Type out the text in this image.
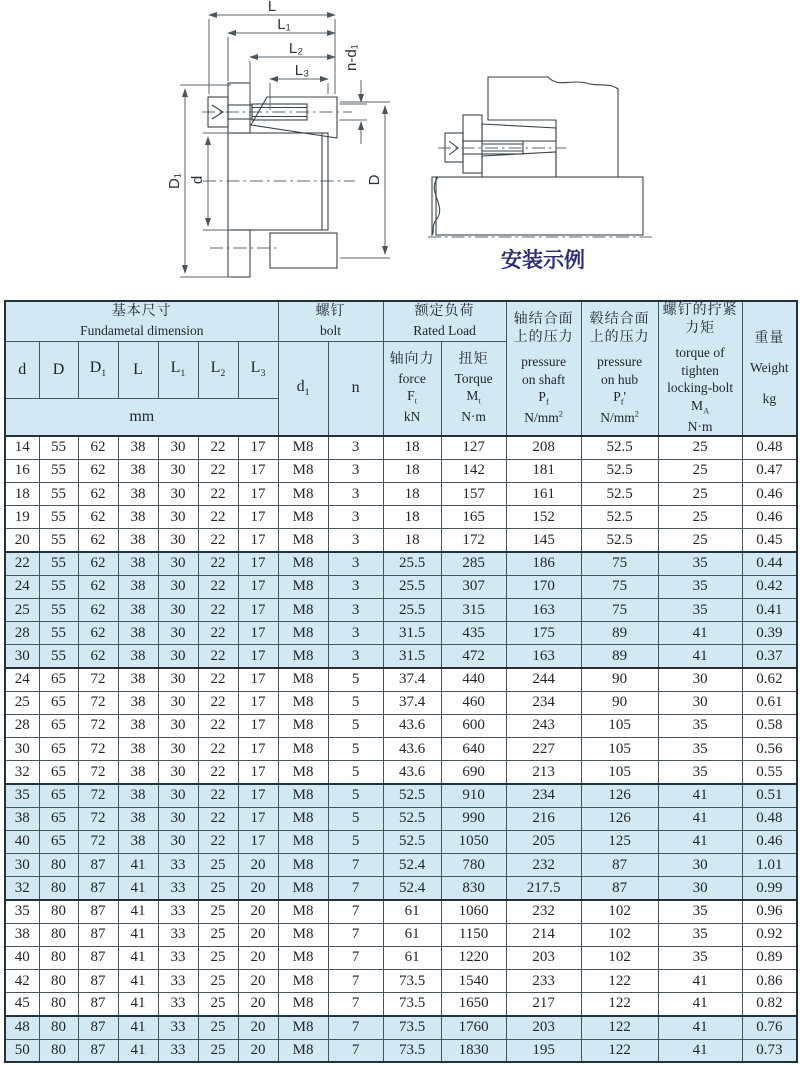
L
L₁
L₂
L₃ n-d₁
D₁ d	D
安装示例
基本尺寸
Fundametal dimension

螺钉
bolt

额定负荷
Rated Load

轴结合面
上的压力
pressure
on shaft
$P_f$
$N/mm^2$

毂结合面
上的压力
pressure
on hub
$P_f'$
$N/mm^2$

螺钉的拧紧
力矩
torque of
tighten
locking-bolt
$M_A$
N·m

重量
Weight
kg

d	D	$D_1$	L	$L_1$	$L_2$	$L_3$	$d_1$	n	
轴向力
force
$F_t$
kN

扭矩
Torque
$M_t$
N·m

mm														
14	55	62	38	30	22	17	M8	3	18	127	208	52.5	25	0.48
16	55	62	38	30	22	17	M8	3	18	142	181	52.5	25	0.47
18	55	62	38	30	22	17	M8	3	18	157	161	52.5	25	0.46
19	55	62	38	30	22	17	M8	3	18	165	152	52.5	25	0.46
20	55	62	38	30	22	17	M8	3	18	172	145	52.5	25	0.45
22	55	62	38	30	22	17	M8	3	25.5	285	186	75	35	0.44
24	55	62	38	30	22	17	M8	3	25.5	307	170	75	35	0.42
25	55	62	38	30	22	17	M8	3	25.5	315	163	75	35	0.41
28	55	62	38	30	22	17	M8	3	31.5	435	175	89	41	0.39
30	55	62	38	30	22	17	M8	3	31.5	472	163	89	41	0.37
24	65	72	38	30	22	17	M8	5	37.4	440	244	90	30	0.62
25	65	72	38	30	22	17	M8	5	37.4	460	234	90	30	0.61
28	65	72	38	30	22	17	M8	5	43.6	600	243	105	35	0.58
30	65	72	38	30	22	17	M8	5	43.6	640	227	105	35	0.56
32	65	72	38	30	22	17	M8	5	43.6	690	213	105	35	0.55
35	65	72	38	30	22	17	M8	5	52.5	910	234	126	41	0.51
38	65	72	38	30	22	17	M8	5	52.5	990	216	126	41	0.48
40	65	72	38	30	22	17	M8	5	52.5	1050	205	125	41	0.46
30	80	87	41	33	25	20	M8	7	52.4	780	232	87	30	1.01
32	80	87	41	33	25	20	M8	7	52.4	830	217.5	87	30	0.99
35	80	87	41	33	25	20	M8	7	61	1060	232	102	35	0.96
38	80	87	41	33	25	20	M8	7	61	1150	214	102	35	0.92
40	80	87	41	33	25	20	M8	7	61	1220	203	102	35	0.89
42	80	87	41	33	25	20	M8	7	73.5	1540	233	122	41	0.86
45	80	87	41	33	25	20	M8	7	73.5	1650	217	122	41	0.82
48	80	87	41	33	25	20	M8	7	73.5	1760	203	122	41	0.76
50	80	87	41	33	25	20	M8	7	73.5	1830	195	122	41	0.73
